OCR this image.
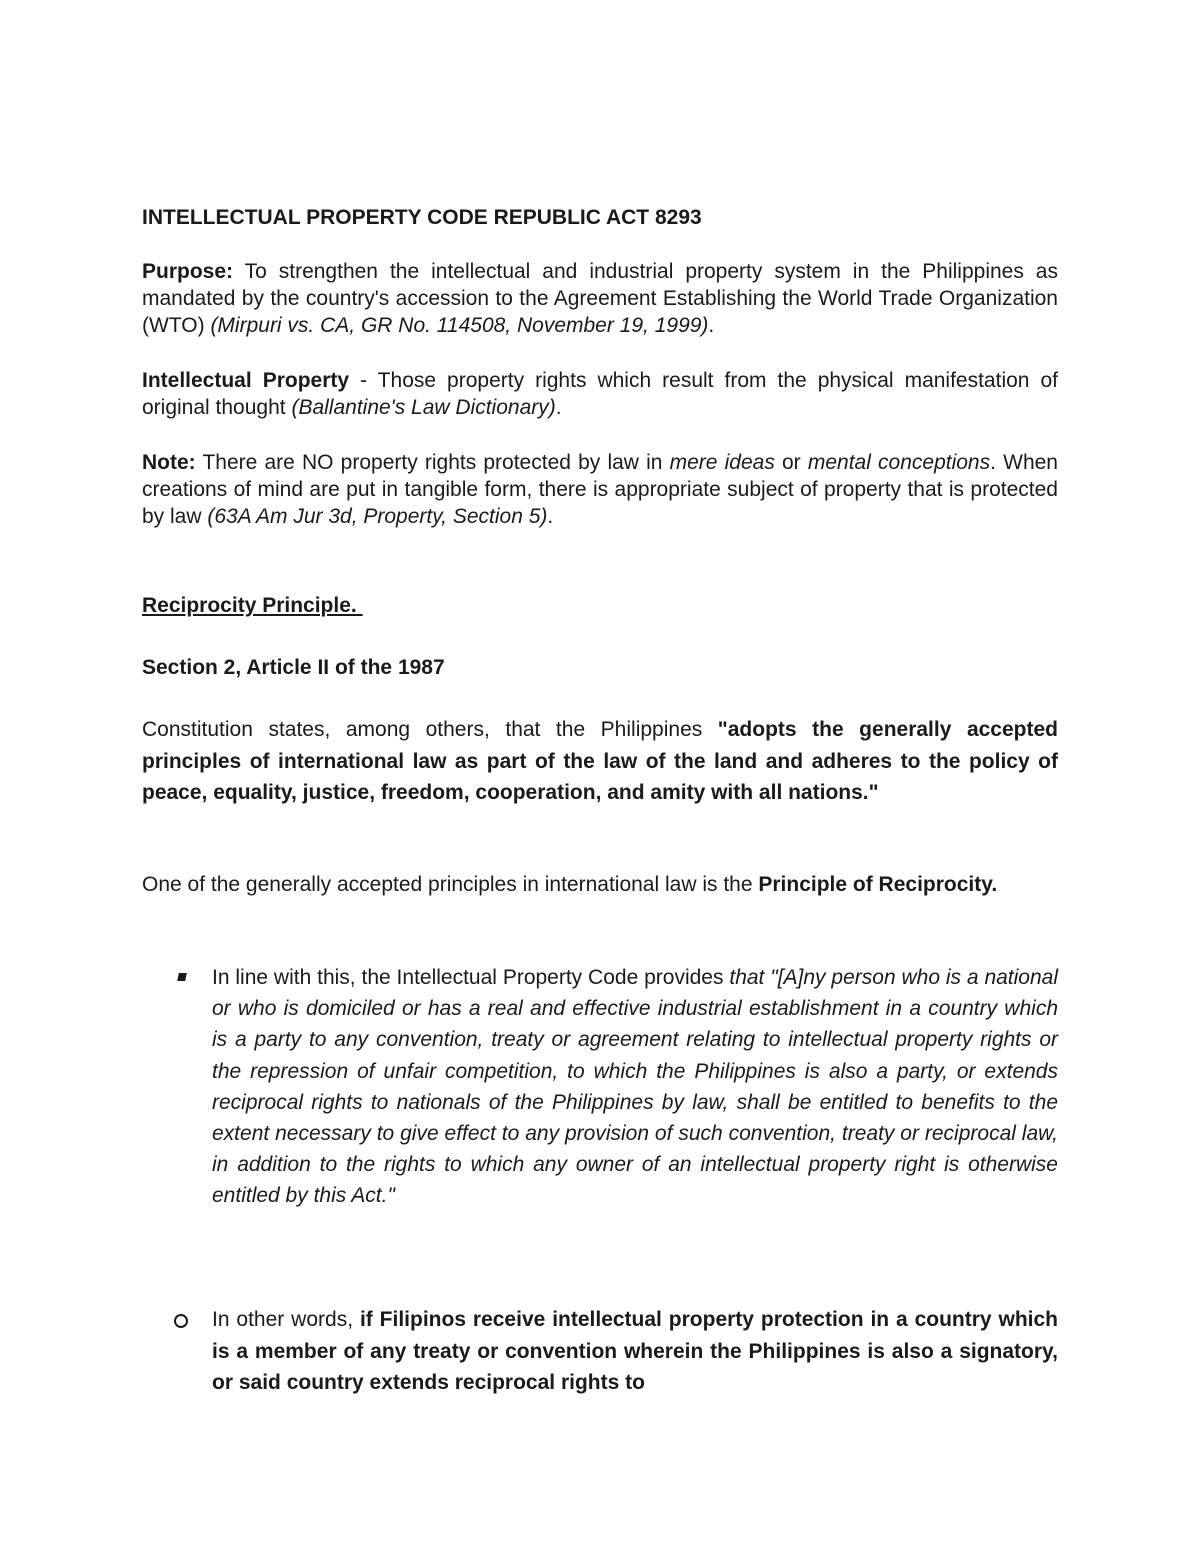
INTELLECTUAL PROPERTY CODE REPUBLIC ACT 8293

Purpose: To strengthen the intellectual and industrial property system in the Philippines as mandated by the country's accession to the Agreement Establishing the World Trade Organization (WTO) (Mirpuri vs. CA, GR No. 114508, November 19, 1999).

Intellectual Property - Those property rights which result from the physical manifestation of original thought (Ballantine's Law Dictionary).

Note: There are NO property rights protected by law in mere ideas or mental conceptions. When creations of mind are put in tangible form, there is appropriate subject of property that is protected by law (63A Am Jur 3d, Property, Section 5).

Reciprocity Principle.
Section 2, Article II of the 1987

Constitution states, among others, that the Philippines "adopts the generally accepted principles of international law as part of the law of the land and adheres to the policy of peace, equality, justice, freedom, cooperation, and amity with all nations."

One of the generally accepted principles in international law is the Principle of Reciprocity.

In line with this, the Intellectual Property Code provides that "[A]ny person who is a national or who is domiciled or has a real and effective industrial establishment in a country which is a party to any convention, treaty or agreement relating to intellectual property rights or the repression of unfair competition, to which the Philippines is also a party, or extends reciprocal rights to nationals of the Philippines by law, shall be entitled to benefits to the extent necessary to give effect to any provision of such convention, treaty or reciprocal law, in addition to the rights to which any owner of an intellectual property right is otherwise entitled by this Act."

In other words, if Filipinos receive intellectual property protection in a country which is a member of any treaty or convention wherein the Philippines is also a signatory, or said country extends reciprocal rights to
